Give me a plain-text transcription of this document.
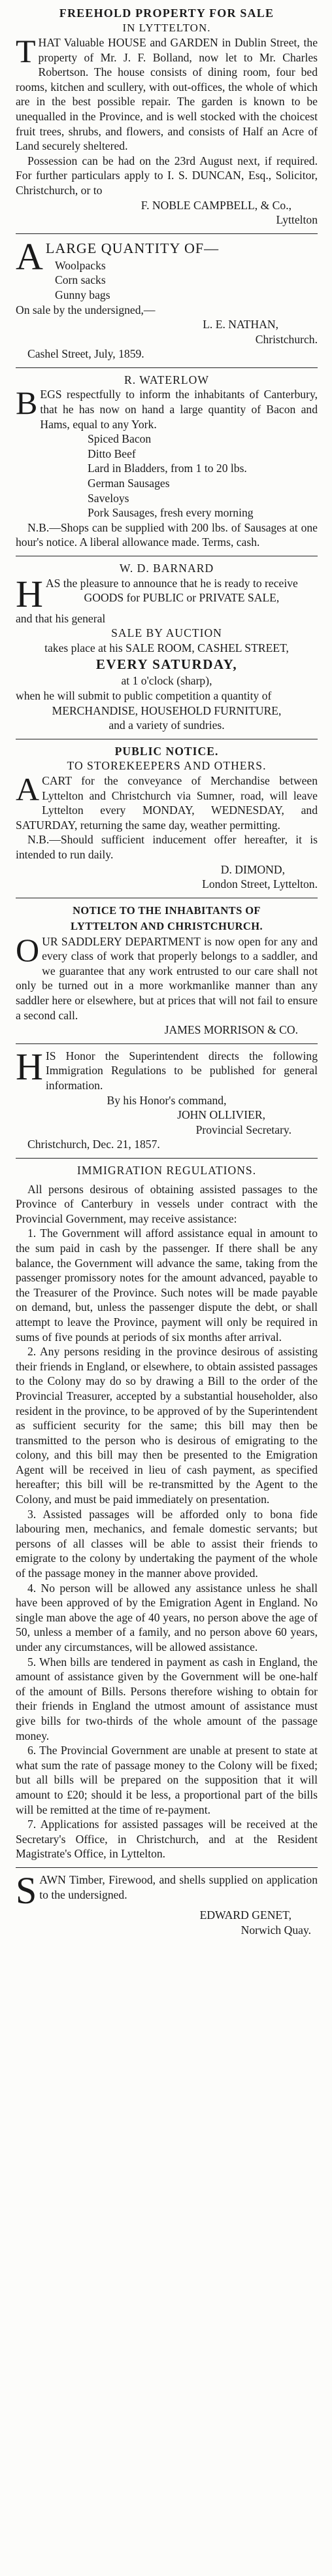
FREEHOLD PROPERTY FOR SALE
IN LYTTELTON.

THAT Valuable HOUSE and GARDEN in Dublin Street, the property of Mr. J. F. Bolland, now let to Mr. Charles Robertson. The house consists of dining room, four bed rooms, kitchen and scullery, with out-offices, the whole of which are in the best possible repair. The garden is known to be unequalled in the Province, and is well stocked with the choicest fruit trees, shrubs, and flowers, and consists of Half an Acre of Land securely sheltered.

Possession can be had on the 23rd August next, if required. For further particulars apply to I. S. DUNCAN, Esq., Solicitor, Christchurch, or to

F. NOBLE CAMPBELL, & Co.,
Lyttelton
A LARGE QUANTITY OF—
Woolpacks
Corn sacks
Gunny bags

On sale by the undersigned,—

L. E. NATHAN,
Christchurch.

Cashel Street, July, 1859.

R. WATERLOW

BEGS respectfully to inform the inhabitants of Canterbury, that he has now on hand a large quantity of Bacon and Hams, equal to any York.

Spiced Bacon
Ditto Beef
Lard in Bladders, from 1 to 20 lbs.
German Sausages
Saveloys
Pork Sausages, fresh every morning

N.B.—Shops can be supplied with 200 lbs. of Sausages at one hour's notice. A liberal allowance made. Terms, cash.

W. D. BARNARD

HAS the pleasure to announce that he is ready to receive

GOODS for PUBLIC or PRIVATE SALE,
and that his general
SALE BY AUCTION
takes place at his SALE ROOM, CASHEL STREET,
EVERY SATURDAY,
at 1 o'clock (sharp),

when he will submit to public competition a quantity of

MERCHANDISE, HOUSEHOLD FURNITURE,
and a variety of sundries.
PUBLIC NOTICE.
TO STOREKEEPERS AND OTHERS.

ACART for the conveyance of Merchandise between Lyttelton and Christchurch via Sumner, road, will leave Lyttelton every MONDAY, WEDNESDAY, and SATURDAY, returning the same day, weather permitting.

N.B.—Should sufficient inducement offer hereafter, it is intended to run daily.

D. DIMOND,
London Street, Lyttelton.
NOTICE TO THE INHABITANTS OF
LYTTELTON AND CHRISTCHURCH.

OUR SADDLERY DEPARTMENT is now open for any and every class of work that properly belongs to a saddler, and we guarantee that any work entrusted to our care shall not only be turned out in a more workmanlike manner than any saddler here or elsewhere, but at prices that will not fail to ensure a second call.

JAMES MORRISON & CO.

HIS Honor the Superintendent directs the following Immigration Regulations to be published for general information.

By his Honor's command,
JOHN OLLIVIER,
Provincial Secretary.

Christchurch, Dec. 21, 1857.

IMMIGRATION REGULATIONS.

All persons desirous of obtaining assisted passages to the Province of Canterbury in vessels under contract with the Provincial Government, may receive assistance:

1. The Government will afford assistance equal in amount to the sum paid in cash by the passenger. If there shall be any balance, the Government will advance the same, taking from the passenger promissory notes for the amount advanced, payable to the Treasurer of the Province. Such notes will be made payable on demand, but, unless the passenger dispute the debt, or shall attempt to leave the Province, payment will only be required in sums of five pounds at periods of six months after arrival.

2. Any persons residing in the province desirous of assisting their friends in England, or elsewhere, to obtain assisted passages to the Colony may do so by drawing a Bill to the order of the Provincial Treasurer, accepted by a substantial householder, also resident in the province, to be approved of by the Superintendent as sufficient security for the same; this bill may then be transmitted to the person who is desirous of emigrating to the colony, and this bill may then be presented to the Emigration Agent will be received in lieu of cash payment, as specified hereafter; this bill will be re-transmitted by the Agent to the Colony, and must be paid immediately on presentation.

3. Assisted passages will be afforded only to bona fide labouring men, mechanics, and female domestic servants; but persons of all classes will be able to assist their friends to emigrate to the colony by undertaking the payment of the whole of the passage money in the manner above provided.

4. No person will be allowed any assistance unless he shall have been approved of by the Emigration Agent in England. No single man above the age of 40 years, no person above the age of 50, unless a member of a family, and no person above 60 years, under any circumstances, will be allowed assistance.

5. When bills are tendered in payment as cash in England, the amount of assistance given by the Government will be one-half of the amount of Bills. Persons therefore wishing to obtain for their friends in England the utmost amount of assistance must give bills for two-thirds of the whole amount of the passage money.

6. The Provincial Government are unable at present to state at what sum the rate of passage money to the Colony will be fixed; but all bills will be prepared on the supposition that it will amount to £20; should it be less, a proportional part of the bills will be remitted at the time of re-payment.

7. Applications for assisted passages will be received at the Secretary's Office, in Christchurch, and at the Resident Magistrate's Office, in Lyttelton.

SAWN Timber, Firewood, and shells supplied on application to the undersigned.

EDWARD GENET,
Norwich Quay.
